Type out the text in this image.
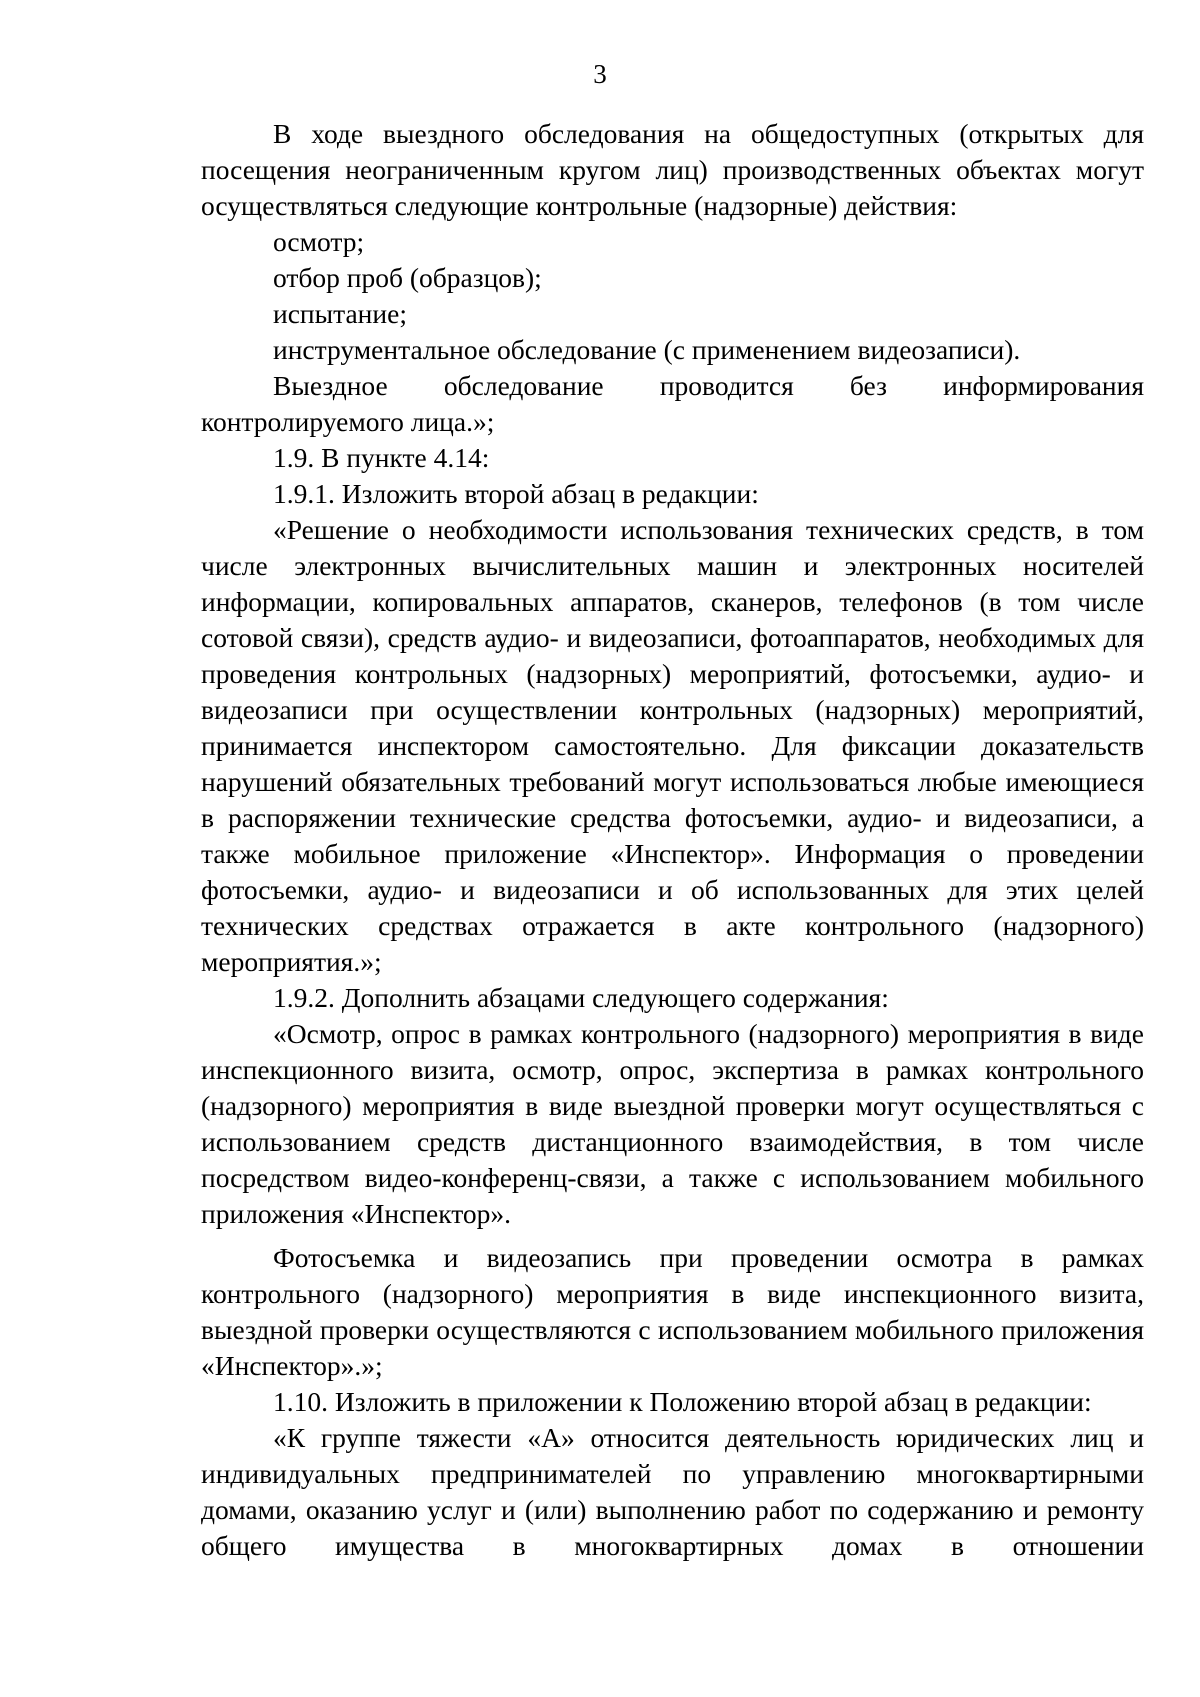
3

В ходе выездного обследования на общедоступных (открытых для посещения неограниченным кругом лиц) производственных объектах могут осуществляться следующие контрольные (надзорные) действия:

осмотр;

отбор проб (образцов);

испытание;

инструментальное обследование (с применением видеозаписи).

Выездное обследование проводится без информирования контролируемого лица.»;

1.9. В пункте 4.14:

1.9.1. Изложить второй абзац в редакции:

«Решение о необходимости использования технических средств, в том числе электронных вычислительных машин и электронных носителей информации, копировальных аппаратов, сканеров, телефонов (в том числе сотовой связи), средств аудио- и видеозаписи, фотоаппаратов, необходимых для проведения контрольных (надзорных) мероприятий, фотосъемки, аудио- и видеозаписи при осуществлении контрольных (надзорных) мероприятий, принимается инспектором самостоятельно. Для фиксации доказательств нарушений обязательных требований могут использоваться любые имеющиеся в распоряжении технические средства фотосъемки, аудио- и видеозаписи, а также мобильное приложение «Инспектор». Информация о проведении фотосъемки, аудио- и видеозаписи и об использованных для этих целей технических средствах отражается в акте контрольного (надзорного) мероприятия.»;

1.9.2. Дополнить абзацами следующего содержания:

«Осмотр, опрос в рамках контрольного (надзорного) мероприятия в виде инспекционного визита, осмотр, опрос, экспертиза в рамках контрольного (надзорного) мероприятия в виде выездной проверки могут осуществляться с использованием средств дистанционного взаимодействия, в том числе посредством видео-конференц-связи, а также с использованием мобильного приложения «Инспектор».

Фотосъемка и видеозапись при проведении осмотра в рамках контрольного (надзорного) мероприятия в виде инспекционного визита, выездной проверки осуществляются с использованием мобильного приложения «Инспектор».»;

1.10. Изложить в приложении к Положению второй абзац в редакции:

«К группе тяжести «А» относится деятельность юридических лиц и индивидуальных предпринимателей по управлению многоквартирными домами, оказанию услуг и (или) выполнению работ по содержанию и ремонту общего имущества в многоквартирных домах в отношении
